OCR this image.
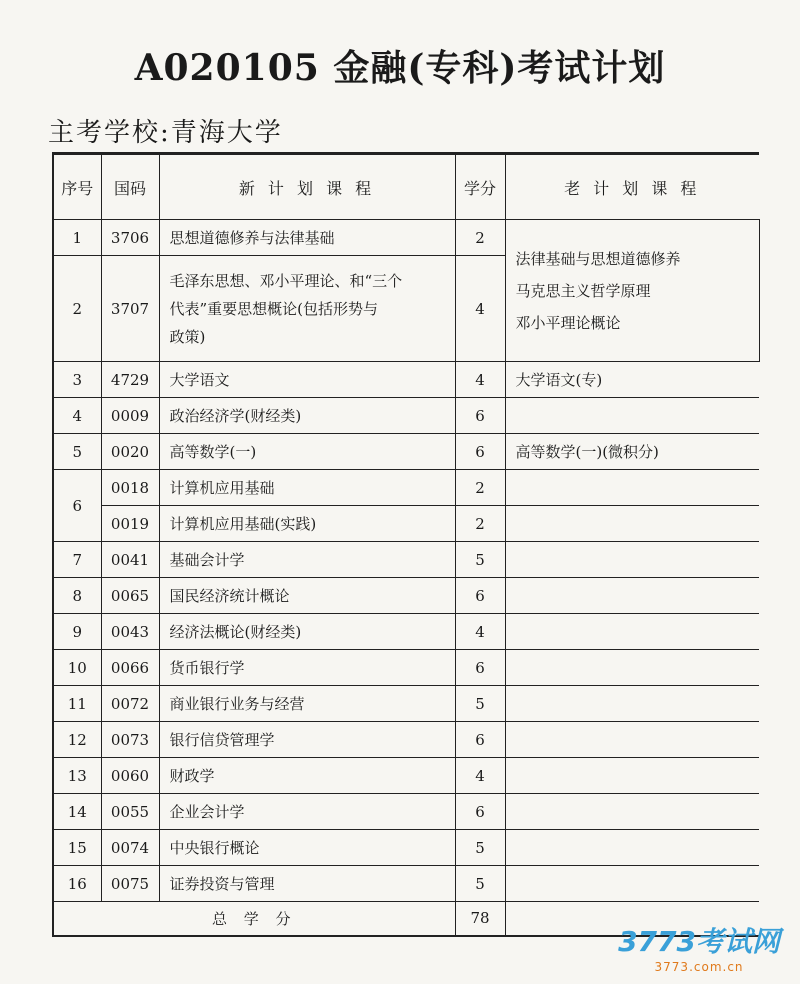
A020105 金融(专科)考试计划
主考学校:青海大学
序号	国码	新 计 划 课 程	学分	老 计 划 课 程
1	3706	思想道德修养与法律基础	2	法律基础与思想道德修养
马克思主义哲学原理
邓小平理论概论
2	3707	毛泽东思想、邓小平理论、和“三个
代表”重要思想概论(包括形势与
政策)	4	
3	4729	大学语文	4	大学语文(专)
4	0009	政治经济学(财经类)	6	
5	0020	高等数学(一)	6	高等数学(一)(微积分)
6	0018	计算机应用基础	2	
	0019	计算机应用基础(实践)	2	
7	0041	基础会计学	5	
8	0065	国民经济统计概论	6	
9	0043	经济法概论(财经类)	4	
10	0066	货币银行学	6	
11	0072	商业银行业务与经营	5	
12	0073	银行信贷管理学	6	
13	0060	财政学	4	
14	0055	企业会计学	6	
15	0074	中央银行概论	5	
16	0075	证券投资与管理	5	
总 学 分			78	
3773考试网
3773.com.cn
